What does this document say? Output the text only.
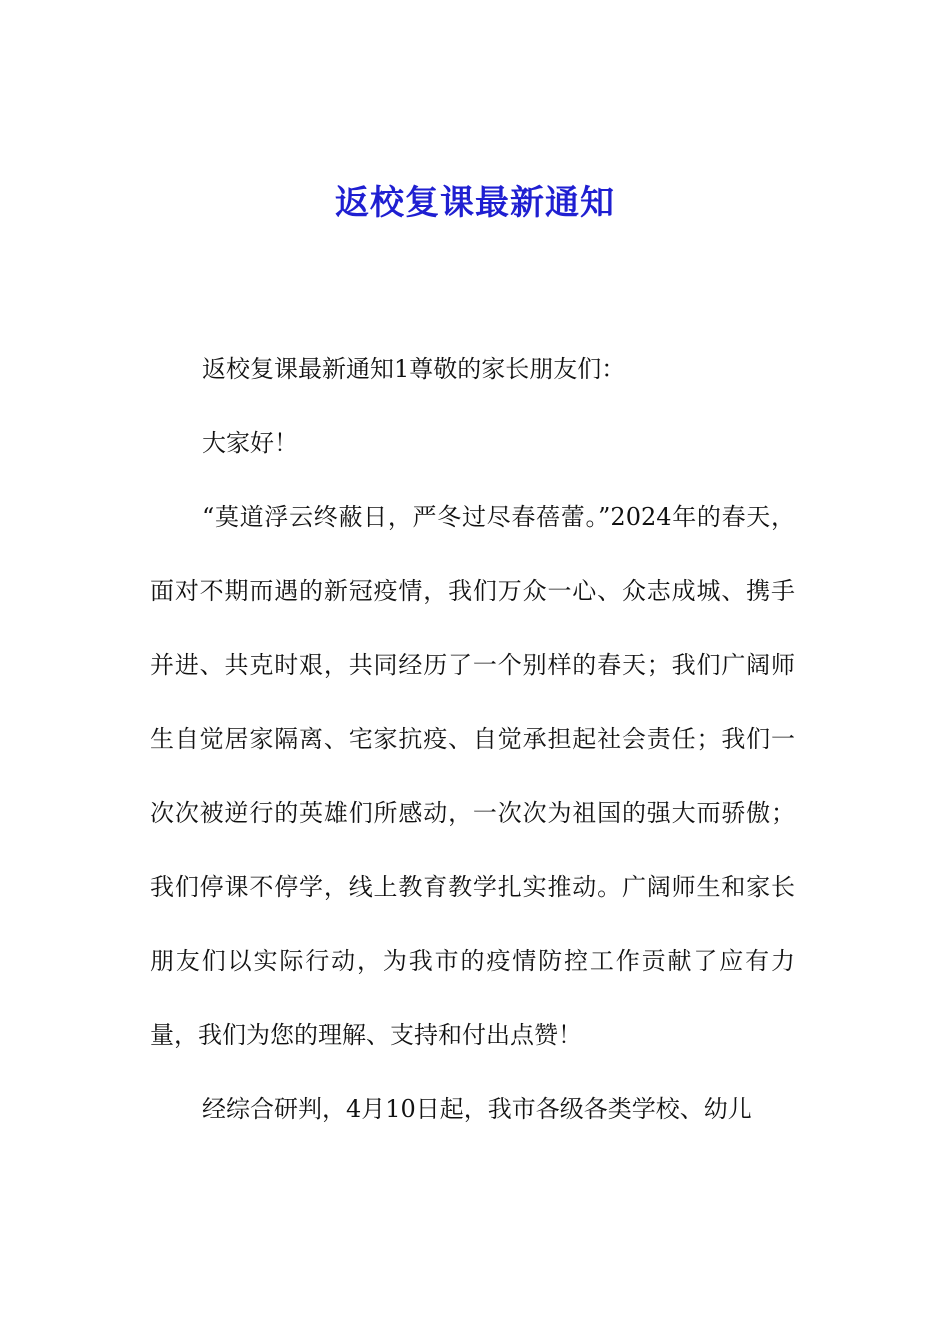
返校复课最新通知

返校复课最新通知1尊敬的家长朋友们：

大家好！

“莫道浮云终蔽日，严冬过尽春蓓蕾。”2024年的春天，面对不期而遇的新冠疫情，我们万众一心、众志成城、携手并进、共克时艰，共同经历了一个别样的春天；我们广阔师生自觉居家隔离、宅家抗疫、自觉承担起社会责任；我们一次次被逆行的英雄们所感动，一次次为祖国的强大而骄傲；我们停课不停学，线上教育教学扎实推动。广阔师生和家长朋友们以实际行动，为我市的疫情防控工作贡献了应有力量，我们为您的理解、支持和付出点赞！

经综合研判，4月10日起，我市各级各类学校、幼儿
